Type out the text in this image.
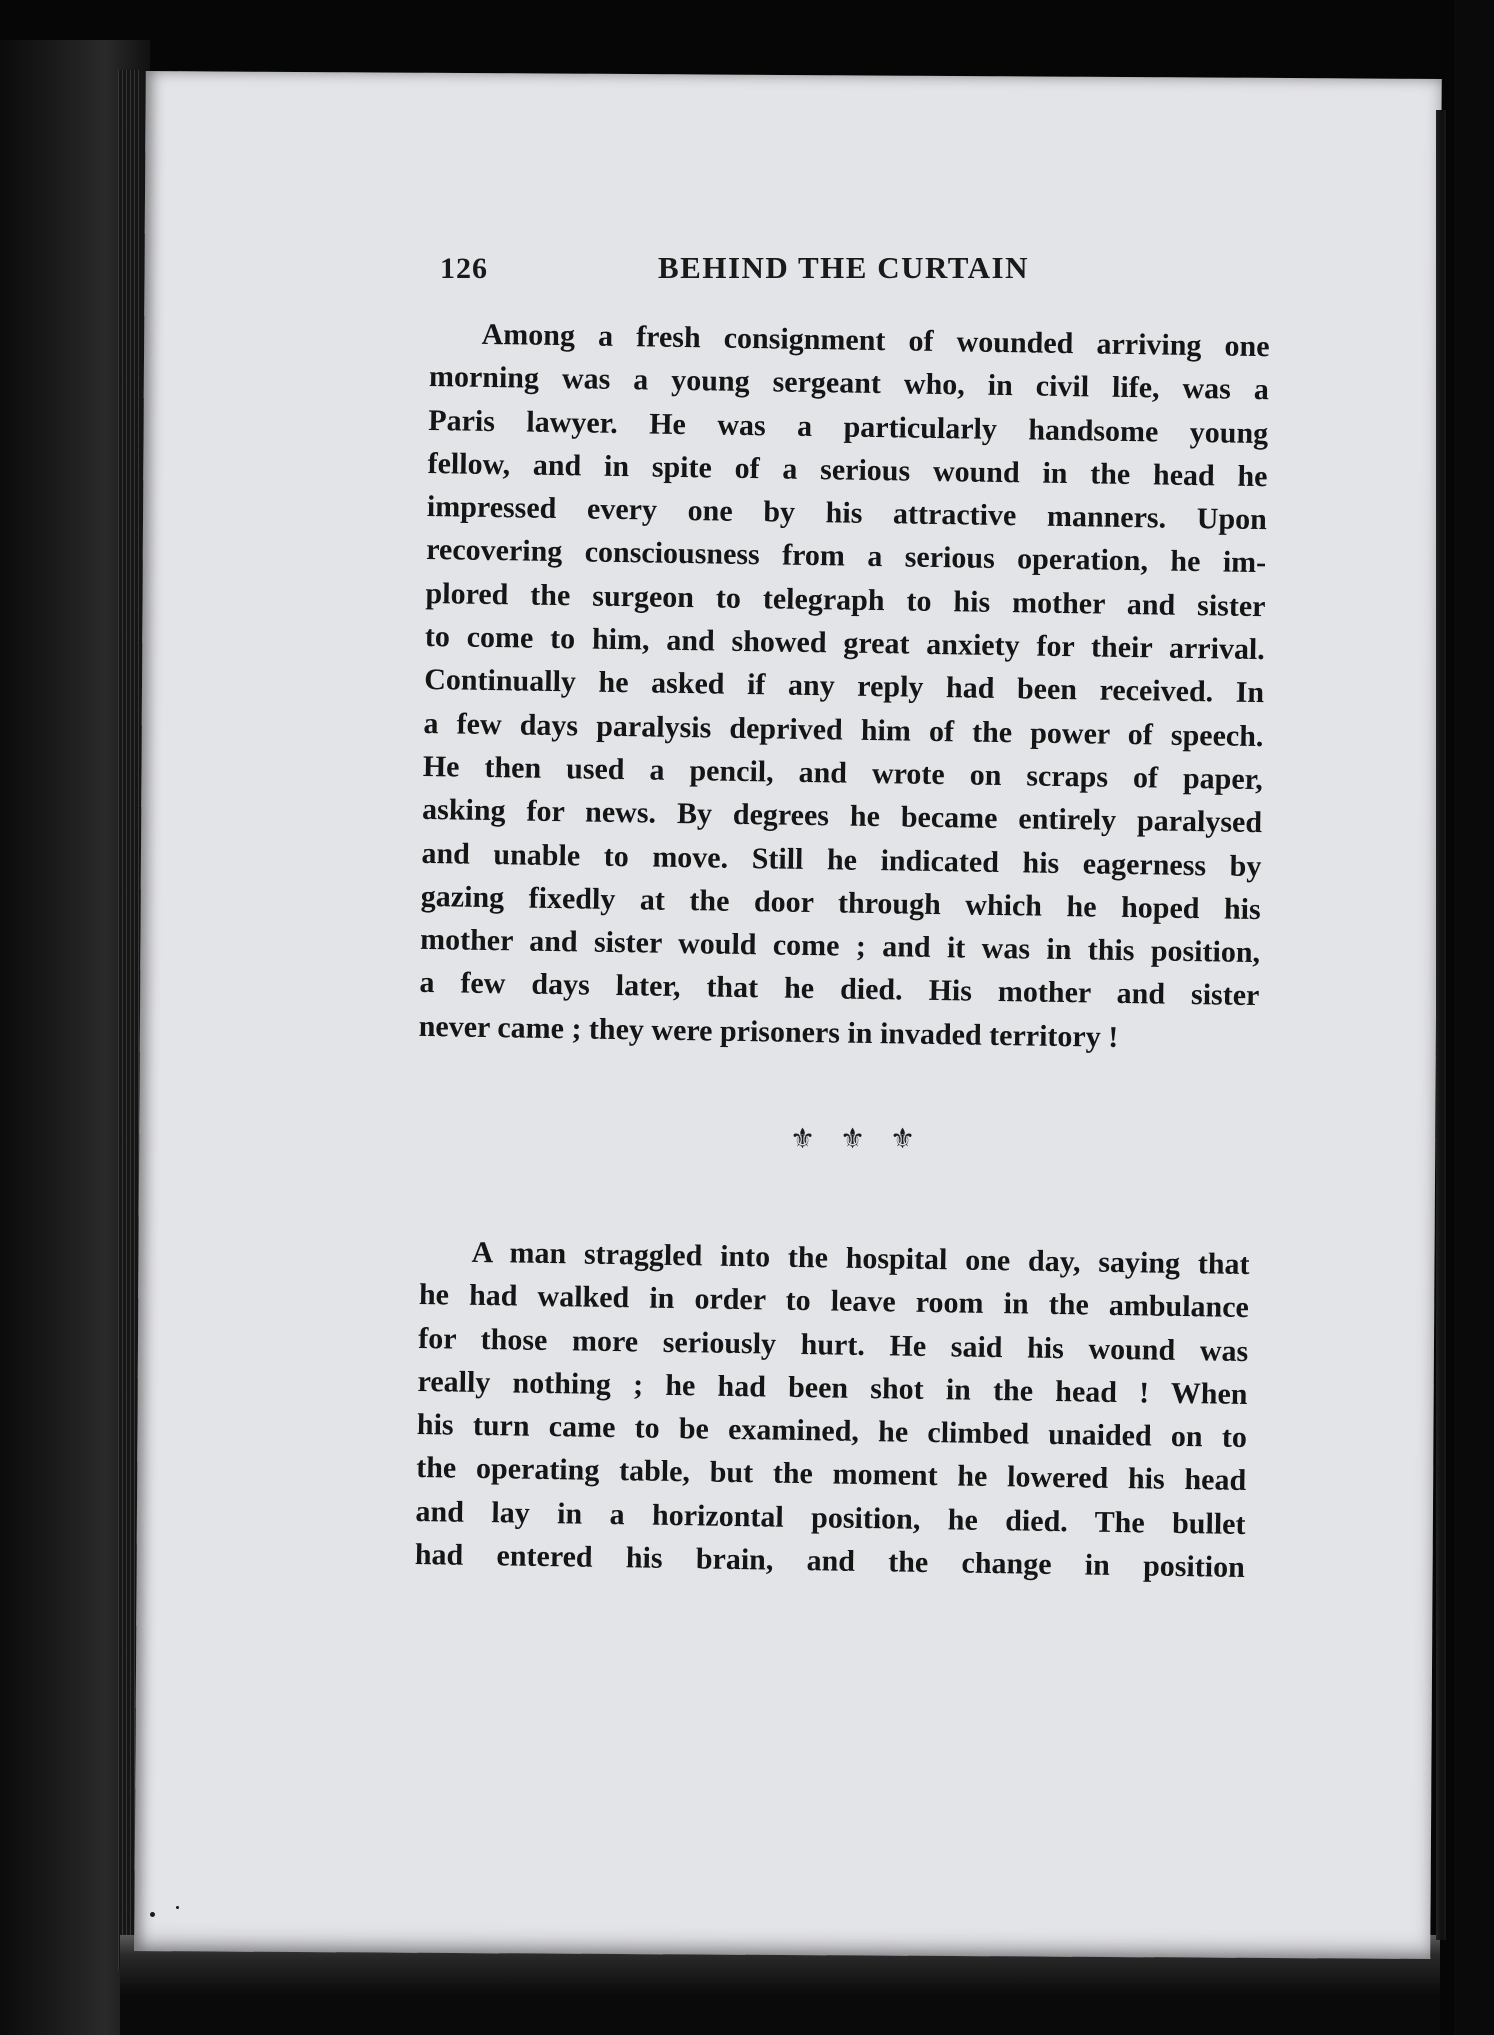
126	BEHIND THE CURTAIN
Among a fresh consignment of wounded arriving one
morning was a young sergeant who, in civil life, was a
Paris lawyer. He was a particularly handsome young
fellow, and in spite of a serious wound in the head he
impressed every one by his attractive manners. Upon
recovering consciousness from a serious operation, he im-
plored the surgeon to telegraph to his mother and sister
to come to him, and showed great anxiety for their arrival.
Continually he asked if any reply had been received. In
a few days paralysis deprived him of the power of speech.
He then used a pencil, and wrote on scraps of paper,
asking for news. By degrees he became entirely paralysed
and unable to move. Still he indicated his eagerness by
gazing fixedly at the door through which he hoped his
mother and sister would come ; and it was in this position,
a few days later, that he died. His mother and sister
never came ; they were prisoners in invaded territory !
⚜ ⚜ ⚜
A man straggled into the hospital one day, saying that
he had walked in order to leave room in the ambulance
for those more seriously hurt. He said his wound was
really nothing ; he had been shot in the head ! When
his turn came to be examined, he climbed unaided on to
the operating table, but the moment he lowered his head
and lay in a horizontal position, he died. The bullet
had entered his brain, and the change in position
